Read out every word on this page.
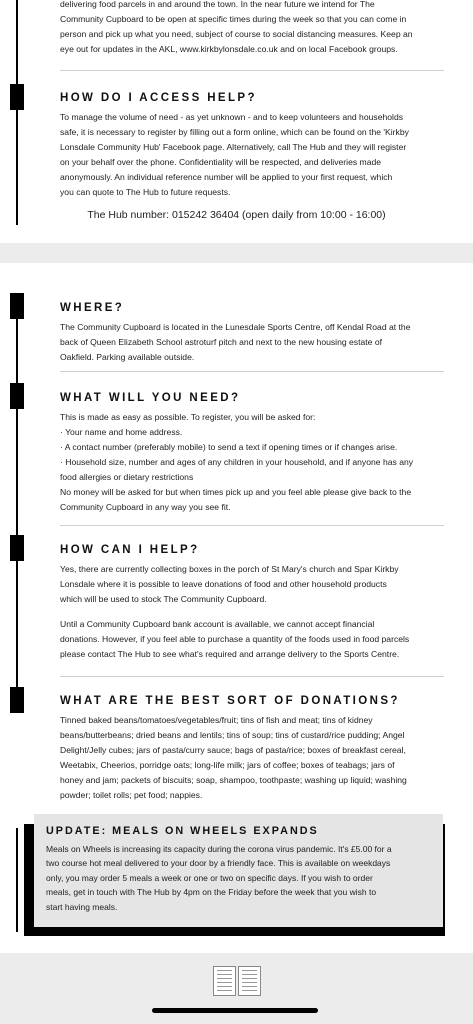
delivering food parcels in and around the town. In the near future we intend for The

Community Cupboard to be open at specific times during the week so that you can come in

person and pick up what you need, subject of course to social distancing measures. Keep an

eye out for updates in the AKL, www.kirkbylonsdale.co.uk and on local Facebook groups.

HOW DO I ACCESS HELP?

To manage the volume of need - as yet unknown - and to keep volunteers and households

safe, it is necessary to register by filling out a form online, which can be found on the 'Kirkby

Lonsdale Community Hub' Facebook page. Alternatively, call The Hub and they will register

on your behalf over the phone. Confidentiality will be respected, and deliveries made

anonymously. An individual reference number will be applied to your first request, which

you can quote to The Hub to future requests.

The Hub number: 015242 36404 (open daily from 10:00 - 16:00)
WHERE?

The Community Cupboard is located in the Lunesdale Sports Centre, off Kendal Road at the

back of Queen Elizabeth School astroturf pitch and next to the new housing estate of

Oakfield. Parking available outside.

WHAT WILL YOU NEED?

This is made as easy as possible. To register, you will be asked for:

· Your name and home address.

· A contact number (preferably mobile) to send a text if opening times or if changes arise.

· Household size, number and ages of any children in your household, and if anyone has any

food allergies or dietary restrictions

No money will be asked for but when times pick up and you feel able please give back to the

Community Cupboard in any way you see fit.

HOW CAN I HELP?

Yes, there are currently collecting boxes in the porch of St Mary's church and Spar Kirkby

Lonsdale where it is possible to leave donations of food and other household products

which will be used to stock The Community Cupboard.

Until a Community Cupboard bank account is available, we cannot accept financial

donations. However, if you feel able to purchase a quantity of the foods used in food parcels

please contact The Hub to see what's required and arrange delivery to the Sports Centre.

WHAT ARE THE BEST SORT OF DONATIONS?

Tinned baked beans/tomatoes/vegetables/fruit; tins of fish and meat; tins of kidney

beans/butterbeans; dried beans and lentils; tins of soup; tins of custard/rice pudding; Angel

Delight/Jelly cubes; jars of pasta/curry sauce; bags of pasta/rice; boxes of breakfast cereal,

Weetabix, Cheerios, porridge oats; long-life milk; jars of coffee; boxes of teabags; jars of

honey and jam; packets of biscuits; soap, shampoo, toothpaste; washing up liquid; washing

powder; toilet rolls; pet food; nappies.

UPDATE: MEALS ON WHEELS EXPANDS

Meals on Wheels is increasing its capacity during the corona virus pandemic. It's £5.00 for a

two course hot meal delivered to your door by a friendly face. This is available on weekdays

only, you may order 5 meals a week or one or two on specific days. If you wish to order

meals, get in touch with The Hub by 4pm on the Friday before the week that you wish to

start having meals.
